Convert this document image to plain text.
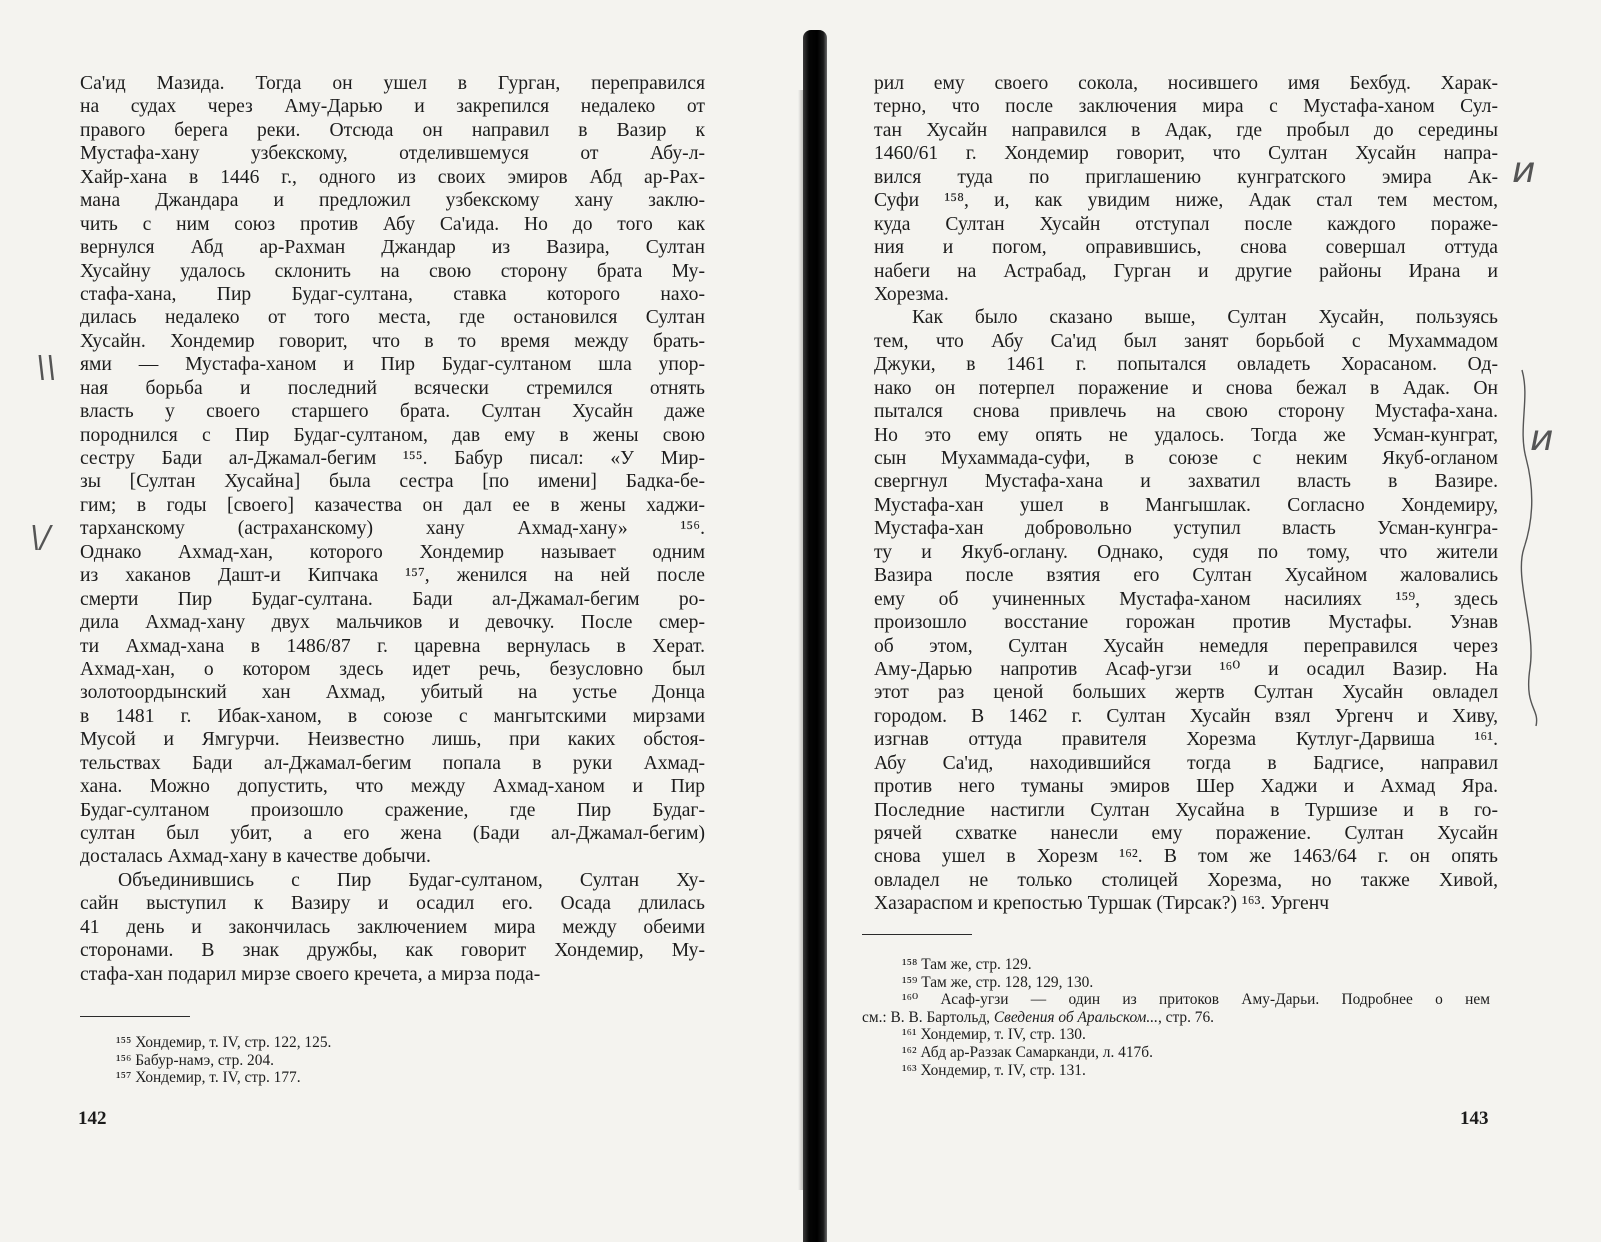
Са'ид Мазида. Тогда он ушел в Гурган, переправился
на судах через Аму-Дарью и закрепился недалеко от
правого берега реки. Отсюда он направил в Вазир к
Мустафа-хану узбекскому, отделившемуся от Абу-л-
Хайр-хана в 1446 г., одного из своих эмиров Абд ар-Рах-
мана Джандара и предложил узбекскому хану заклю-
чить с ним союз против Абу Са'ида. Но до того как
вернулся Абд ар-Рахман Джандар из Вазира, Султан
Хусайну удалось склонить на свою сторону брата Му-
стафа-хана, Пир Будаг-султана, ставка которого нахо-
дилась недалеко от того места, где остановился Султан
Хусайн. Хондемир говорит, что в то время между брать-
ями — Мустафа-ханом и Пир Будаг-султаном шла упор-
ная борьба и последний всячески стремился отнять
власть у своего старшего брата. Султан Хусайн даже
породнился с Пир Будаг-султаном, дав ему в жены свою
сестру Бади ал-Джамал-бегим ¹⁵⁵. Бабур писал: «У Мир-
зы [Султан Хусайна] была сестра [по имени] Бадка-бе-
гим; в годы [своего] казачества он дал ее в жены хаджи-
тарханскому (астраханскому) хану Ахмад-хану» ¹⁵⁶.
Однако Ахмад-хан, которого Хондемир называет одним
из хаканов Дашт-и Кипчака ¹⁵⁷, женился на ней после
смерти Пир Будаг-султана. Бади ал-Джамал-бегим ро-
дила Ахмад-хану двух мальчиков и девочку. После смер-
ти Ахмад-хана в 1486/87 г. царевна вернулась в Херат.
Ахмад-хан, о котором здесь идет речь, безусловно был
золотоордынский хан Ахмад, убитый на устье Донца
в 1481 г. Ибак-ханом, в союзе с мангытскими мирзами
Мусой и Ямгурчи. Неизвестно лишь, при каких обстоя-
тельствах Бади ал-Джамал-бегим попала в руки Ахмад-
хана. Можно допустить, что между Ахмад-ханом и Пир
Будаг-султаном произошло сражение, где Пир Будаг-
султан был убит, а его жена (Бади ал-Джамал-бегим)
досталась Ахмад-хану в качестве добычи.
Объединившись с Пир Будаг-султаном, Султан Ху-
сайн выступил к Вазиру и осадил его. Осада длилась
41 день и закончилась заключением мира между обеими
сторонами. В знак дружбы, как говорит Хондемир, Му-
стафа-хан подарил мирзе своего кречета, а мирза пода-
¹⁵⁵ Хондемир, т. IV, стр. 122, 125.
¹⁵⁶ Бабур-намэ, стр. 204.
¹⁵⁷ Хондемир, т. IV, стр. 177.
142
рил ему своего сокола, носившего имя Бехбуд. Харак-
терно, что после заключения мира с Мустафа-ханом Сул-
тан Хусайн направился в Адак, где пробыл до середины
1460/61 г. Хондемир говорит, что Султан Хусайн напра-
вился туда по приглашению кунгратского эмира Ак-
Суфи ¹⁵⁸, и, как увидим ниже, Адак стал тем местом,
куда Султан Хусайн отступал после каждого пораже-
ния и погом, оправившись, снова совершал оттуда
набеги на Астрабад, Гурган и другие районы Ирана и
Хорезма.
Как было сказано выше, Султан Хусайн, пользуясь
тем, что Абу Са'ид был занят борьбой с Мухаммадом
Джуки, в 1461 г. попытался овладеть Хорасаном. Од-
нако он потерпел поражение и снова бежал в Адак. Он
пытался снова привлечь на свою сторону Мустафа-хана.
Но это ему опять не удалось. Тогда же Усман-кунграт,
сын Мухаммада-суфи, в союзе с неким Якуб-огланом
свергнул Мустафа-хана и захватил власть в Вазире.
Мустафа-хан ушел в Мангышлак. Согласно Хондемиру,
Мустафа-хан добровольно уступил власть Усман-кунгра-
ту и Якуб-оглану. Однако, судя по тому, что жители
Вазира после взятия его Султан Хусайном жаловались
ему об учиненных Мустафа-ханом насилиях ¹⁵⁹, здесь
произошло восстание горожан против Мустафы. Узнав
об этом, Султан Хусайн немедля переправился через
Аму-Дарью напротив Асаф-угзи ¹⁶⁰ и осадил Вазир. На
этот раз ценой больших жертв Султан Хусайн овладел
городом. В 1462 г. Султан Хусайн взял Ургенч и Хиву,
изгнав оттуда правителя Хорезма Кутлуг-Дарвиша ¹⁶¹.
Абу Са'ид, находившийся тогда в Бадгисе, направил
против него туманы эмиров Шер Хаджи и Ахмад Яра.
Последние настигли Султан Хусайна в Туршизе и в го-
рячей схватке нанесли ему поражение. Султан Хусайн
снова ушел в Хорезм ¹⁶². В том же 1463/64 г. он опять
овладел не только столицей Хорезма, но также Хивой,
Хазараспом и крепостью Туршак (Тирсак?) ¹⁶³. Ургенч
¹⁵⁸ Там же, стр. 129.
¹⁵⁹ Там же, стр. 128, 129, 130.
¹⁶⁰ Асаф-угзи — один из притоков Аму-Дарьи. Подробнее о нем
см.: В. В. Бартольд, Сведения об Аральском..., стр. 76.
¹⁶¹ Хондемир, т. IV, стр. 130.
¹⁶² Абд ар-Раззак Самарканди, л. 417б.
¹⁶³ Хондемир, т. IV, стр. 131.
143
\\
\/
и
и
